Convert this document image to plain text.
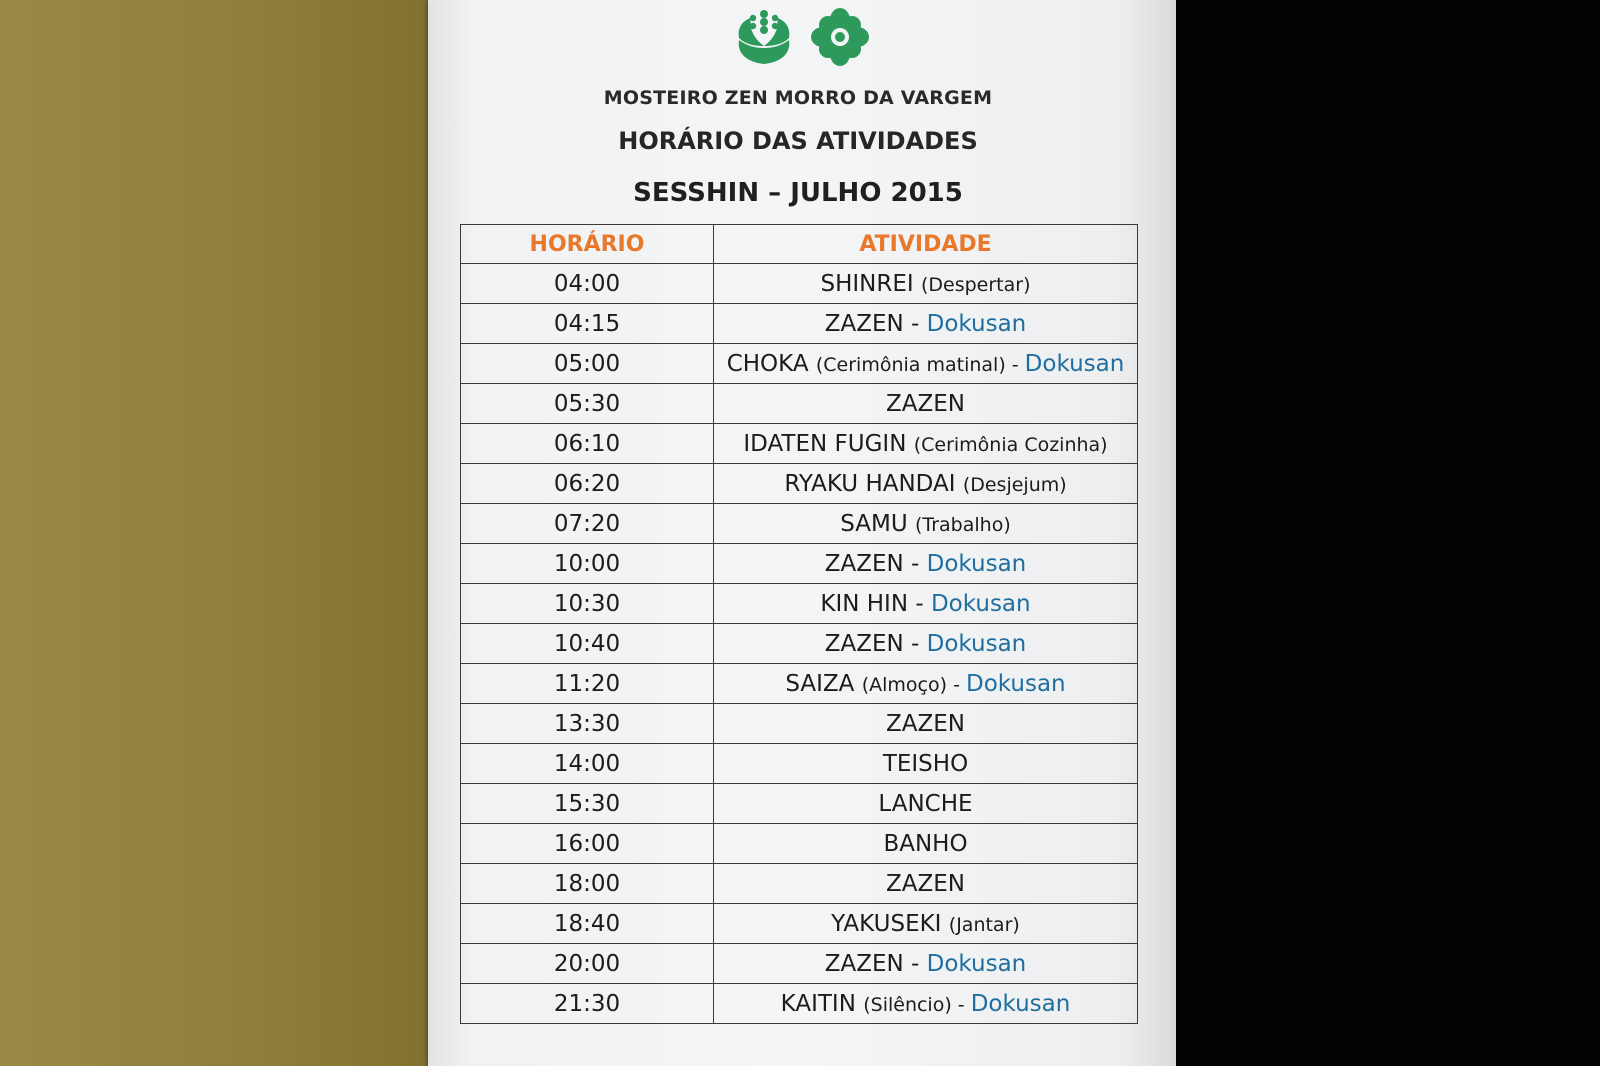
MOSTEIRO ZEN MORRO DA VARGEM
HORÁRIO DAS ATIVIDADES
SESSHIN – JULHO 2015
HORÁRIO	ATIVIDADE
04:00	SHINREI (Despertar)
04:15	ZAZEN - Dokusan
05:00	CHOKA (Cerimônia matinal) - Dokusan
05:30	ZAZEN
06:10	IDATEN FUGIN (Cerimônia Cozinha)
06:20	RYAKU HANDAI (Desjejum)
07:20	SAMU (Trabalho)
10:00	ZAZEN - Dokusan
10:30	KIN HIN - Dokusan
10:40	ZAZEN - Dokusan
11:20	SAIZA (Almoço) - Dokusan
13:30	ZAZEN
14:00	TEISHO
15:30	LANCHE
16:00	BANHO
18:00	ZAZEN
18:40	YAKUSEKI (Jantar)
20:00	ZAZEN - Dokusan
21:30	KAITIN (Silêncio) - Dokusan
